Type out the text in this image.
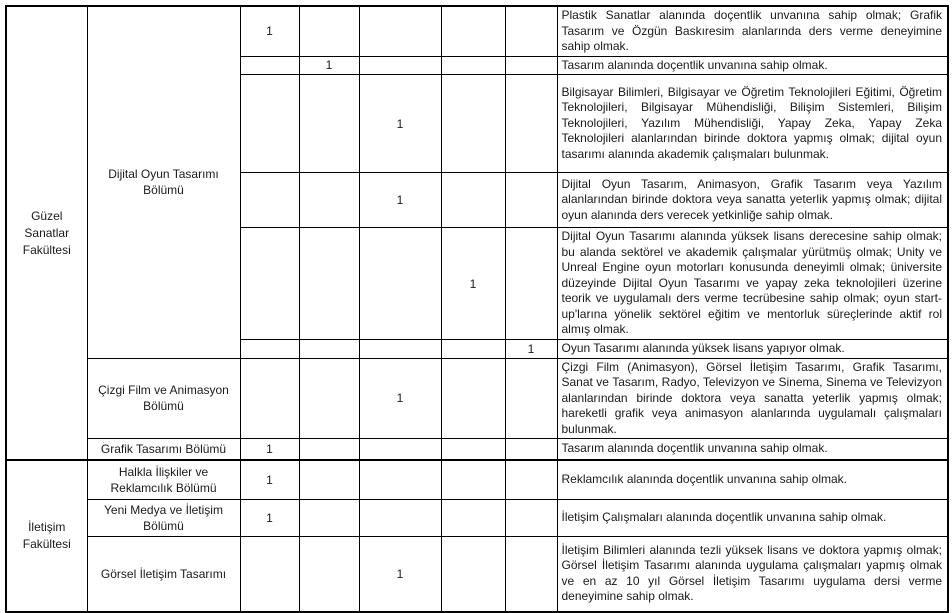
Güzel Sanatlar Fakültesi	Dijital Oyun Tasarımı Bölümü	1					Plastik Sanatlar alanında doçentlik unvanına sahip olmak; Grafik Tasarım ve Özgün Baskıresim alanlarında ders verme deneyimine sahip olmak.
			1				Tasarım alanında doçentlik unvanına sahip olmak.
				1			Bilgisayar Bilimleri, Bilgisayar ve Öğretim Teknolojileri Eğitimi, Öğretim Teknolojileri, Bilgisayar Mühendisliği, Bilişim Sistemleri, Bilişim Teknolojileri, Yazılım Mühendisliği, Yapay Zeka, Yapay Zeka Teknolojileri alanlarından birinde doktora yapmış olmak; dijital oyun tasarımı alanında akademik çalışmaları bulunmak.
				1			Dijital Oyun Tasarım, Animasyon, Grafik Tasarım veya Yazılım alanlarından birinde doktora veya sanatta yeterlik yapmış olmak; dijital oyun alanında ders verecek yetkinliğe sahip olmak.
					1		Dijital Oyun Tasarımı alanında yüksek lisans derecesine sahip olmak; bu alanda sektörel ve akademik çalışmalar yürütmüş olmak; Unity ve Unreal Engine oyun motorları konusunda deneyimli olmak; üniversite düzeyinde Dijital Oyun Tasarımı ve yapay zeka teknolojileri üzerine teorik ve uygulamalı ders verme tecrübesine sahip olmak; oyun start-up'larına yönelik sektörel eğitim ve mentorluk süreçlerinde aktif rol almış olmak.
						1	Oyun Tasarımı alanında yüksek lisans yapıyor olmak.
	Çizgi Film ve Animasyon Bölümü			1			Çizgi Film (Animasyon), Görsel İletişim Tasarımı, Grafik Tasarımı, Sanat ve Tasarım, Radyo, Televizyon ve Sinema, Sinema ve Televizyon alanlarından birinde doktora veya sanatta yeterlik yapmış olmak; hareketli grafik veya animasyon alanlarında uygulamalı çalışmaları bulunmak.
	Grafik Tasarımı Bölümü	1					Tasarım alanında doçentlik unvanına sahip olmak.
İletişim Fakültesi	Halkla İlişkiler ve Reklamcılık Bölümü	1					Reklamcılık alanında doçentlik unvanına sahip olmak.
	Yeni Medya ve İletişim Bölümü	1					İletişim Çalışmaları alanında doçentlik unvanına sahip olmak.
	Görsel İletişim Tasarımı			1			İletişim Bilimleri alanında tezli yüksek lisans ve doktora yapmış olmak; Görsel İletişim Tasarımı alanında uygulama çalışmaları yapmış olmak ve en az 10 yıl Görsel İletişim Tasarımı uygulama dersi verme deneyimine sahip olmak.
